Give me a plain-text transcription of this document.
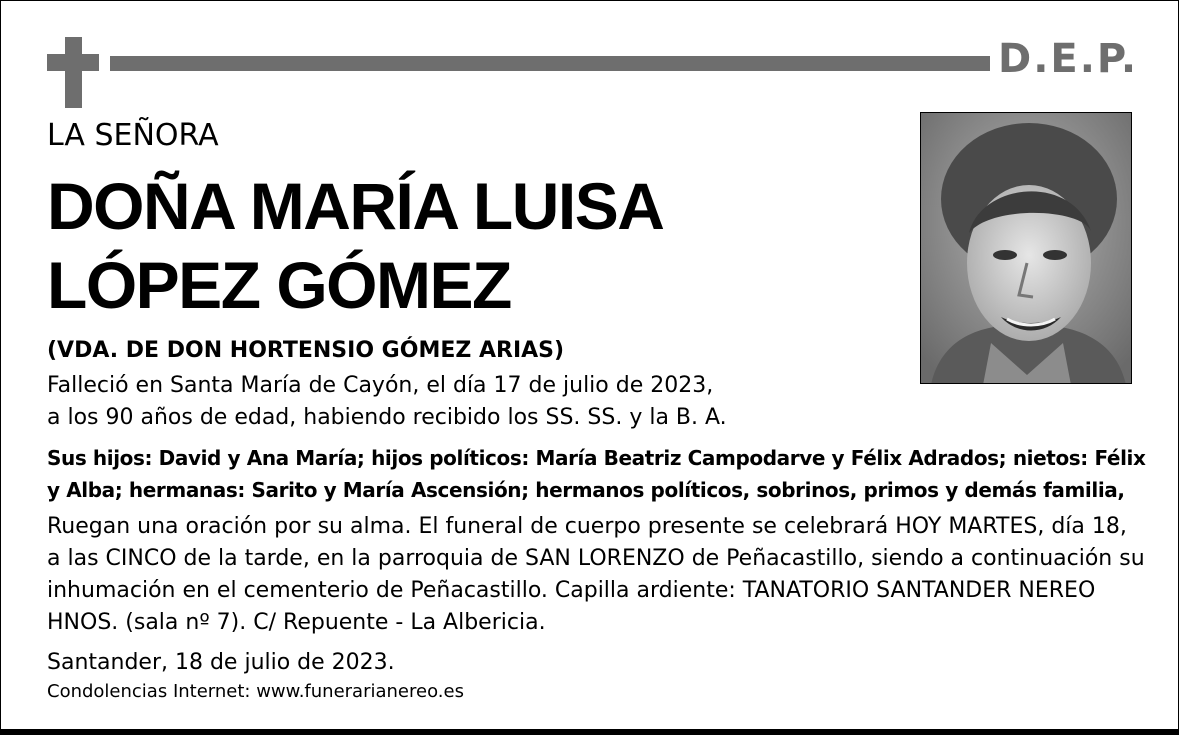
D.E.P.
LA SEÑORA
DOÑA MARÍA LUISA
LÓPEZ GÓMEZ
(VDA. DE DON HORTENSIO GÓMEZ ARIAS)
Falleció en Santa María de Cayón, el día 17 de julio de 2023,
a los 90 años de edad, habiendo recibido los SS. SS. y la B. A.
Sus hijos: David y Ana María; hijos políticos: María Beatriz Campodarve y Félix Adrados; nietos: Félix
y Alba; hermanas: Sarito y María Ascensión; hermanos políticos, sobrinos, primos y demás familia,
Ruegan una oración por su alma. El funeral de cuerpo presente se celebrará HOY MARTES, día 18,
a las CINCO de la tarde, en la parroquia de SAN LORENZO de Peñacastillo, siendo a continuación su
inhumación en el cementerio de Peñacastillo. Capilla ardiente: TANATORIO SANTANDER NEREO
HNOS. (sala nº 7). C/ Repuente - La Albericia.
Santander, 18 de julio de 2023.
Condolencias Internet: www.funerarianereo.es
